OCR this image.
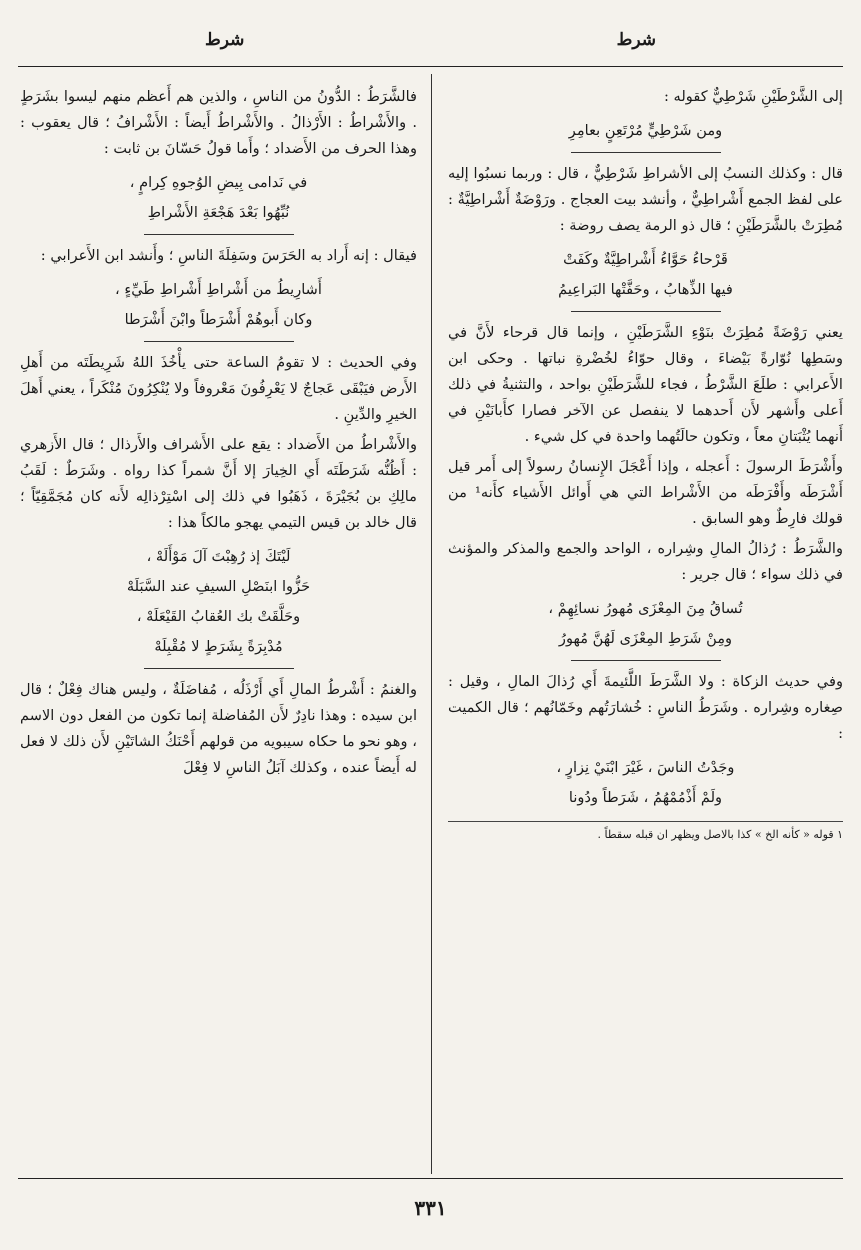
شرط
شرط

إلى الشَّرْطَيْنِ شَرْطِيٌّ كقوله :

ومن شَرْطِيٍّ مُرْتَعِنٍ بعامِرِ

قال : وكذلك النسبُ إلى الأشراطِ شَرْطِيٌّ ، قال : وربما نسبُوا إليه على لفظ الجمع أَشْراطِيٌّ ، وأنشد بيت العجاج . ورَوْضَةٌ أَشْراطِيَّةٌ : مُطِرَتْ بالشَّرَطَيْنِ ؛ قال ذو الرمة يصف روضة :

قَرْحاءُ حَوَّاءُ أَشْراطِيَّةٌ وكَفَتْ
فيها الذِّهابُ ، وحَفَّتْها البَراعِيمُ

يعني رَوْضَةً مُطِرَتْ بنَوْءِ الشَّرَطَيْنِ ، وإنما قال قرحاء لأَنَّ في وسَطِها نُوّارةً بَيْضاءَ ، وقال حوّاءُ لخُضْرةِ نباتها . وحكى ابن الأَعرابي : طلَعَ الشَّرْطُ ، فجاء للشَّرَطَيْنِ بواحد ، والتثنيةُ في ذلك أَعلى وأَشهر لأَن أَحدهما لا ينفصل عن الآخر فصارا كأَبانَيْنِ في أَنهما يُثْبَتانِ معاً ، وتكون حالَتُهما واحدة في كل شيء .

وأَشْرَطَ الرسولَ : أَعجله ، وإذا أَعْجَلَ الإِنسانُ رسولاً إلى أَمر قيل أَشْرَطَه وأَفْرَطَه من الأَشْراط التي هي أَوائل الأَشياء كأَنه¹ من قولك فارِطٌ وهو السابق .

والشَّرَطُ : رُذالُ المالِ وشِراره ، الواحد والجمع والمذكر والمؤنث في ذلك سواء ؛ قال جرير :

تُساقُ مِنَ المِعْزَى مُهورُ نسائِهِمْ ،
ومِنْ شَرَطِ المِعْزَى لَهُنَّ مُهورُ

وفي حديث الزكاة : ولا الشَّرَطَ اللَّئيمةَ أَي رُذالَ المالِ ، وقيل : صِغاره وشِراره . وشَرَطُ الناسِ : خُشارَتُهم وخَمّانُهم ؛ قال الكميت :

وجَدْتُ الناسَ ، غَيْرَ ابْنَيْ نِزارٍ ،
ولَمْ أَذْمُمْهُمُ ، شَرَطاً ودُونا
١ قوله « كأنه الخ » كذا بالاصل ويظهر ان قبله سقطاً .

فالشَّرَطُ : الدُّونُ من الناسِ ، والذين هم أَعظم منهم ليسوا بشَرَطٍ . والأَشْراطُ : الأَرْذالُ . والأَشْراطُ أَيضاً : الأَشْرافُ ؛ قال يعقوب : وهذا الحرف من الأَضداد ؛ وأَما قولُ حَسّانَ بن ثابت :

في نَدامى بِيضِ الوُجوهِ كِرامٍ ،
نُبِّهُوا بَعْدَ هَجْعَةِ الأَشْراطِ

فيقال : إنه أَراد به الحَرَسَ وسَفِلَةَ الناسِ ؛ وأَنشد ابن الأَعرابي :

أَشارِيطُ من أَشْراطِ أَشْراطِ طَيِّءٍ ،
وكان أَبوهُمْ أَشْرَطاً وابْنَ أَشْرَطا

وفي الحديث : لا تقومُ الساعة حتى يأْخُذَ اللهُ شَرِيطَتَه من أَهلِ الأَرض فيَبْقَى عَجاجٌ لا يَعْرِفُونَ مَعْروفاً ولا يُنْكِرُونَ مُنْكَراً ، يعني أَهلَ الخيرِ والدِّينِ .

والأَشْراطُ من الأَضداد : يقع على الأَشراف والأَرذال ؛ قال الأَزهري : أَظُنُّه شَرَطَتَه أَي الخِيارَ إلا أَنَّ شمراً كذا رواه . وشَرَطٌ : لَقَبُ مالِكِ بن بُجَيْرَةَ ، ذَهَبُوا في ذلك إلى اسْتِرْذالِه لأَنه كان مُجَمَّقِيّاً ؛ قال خالد بن قيس التيمي يهجو مالكاً هذا :

لَيْتَكَ إذ رُهِبْتَ آلَ مَوْأَلَهْ ،
حَزُّوا ابنَصْلِ السيفِ عند السَّبَلَهْ
وحَلَّقَتْ بك العُقابُ القَيْعَلَهْ ،
مُدْبِرَةً بِشَرَطٍ لا مُقْبِلَهْ

والغنمُ : أَشْرطُ المالِ أَي أَرْذَلُه ، مُفاضَلَةٌ ، وليس هناك فِعْلٌ ؛ قال ابن سيده : وهذا نادِرٌ لأَن المُفاضلة إنما تكون من الفعل دون الاسم ، وهو نحو ما حكاه سيبويه من قولهم أَحْنَكُ الشاتَيْنِ لأَن ذلك لا فعل له أَيضاً عنده ، وكذلك آبَلُ الناسِ لا فِعْلَ

٣٣١
